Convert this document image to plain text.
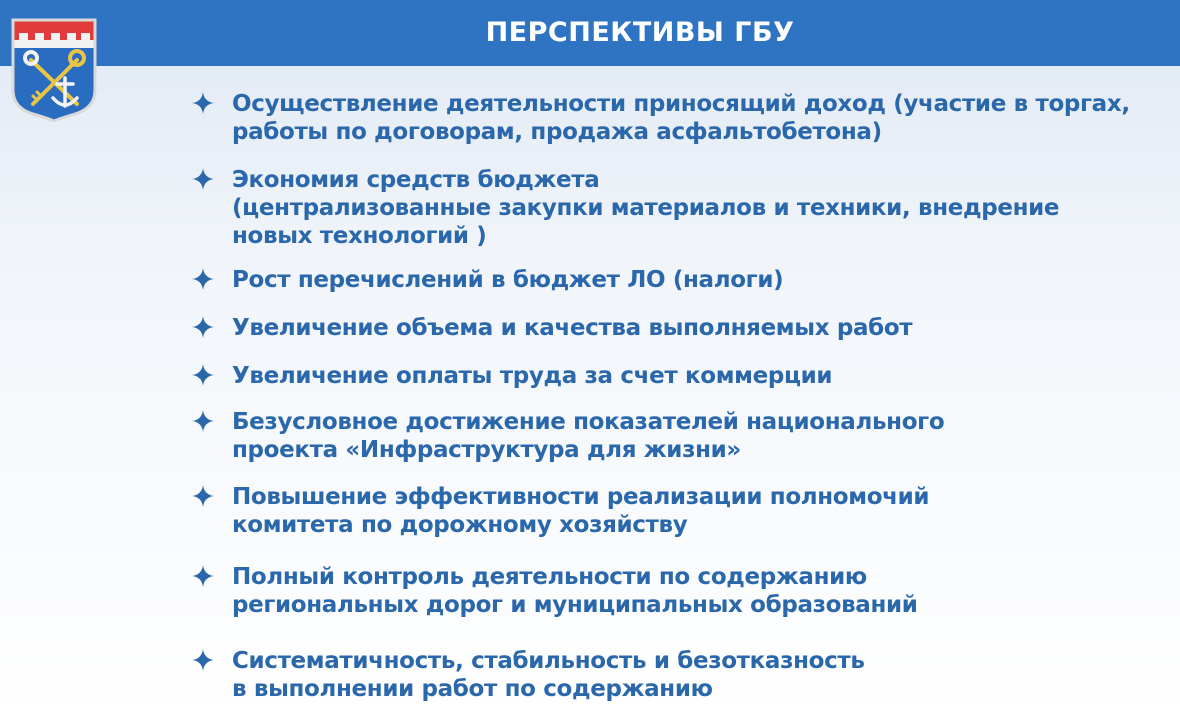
ПЕРСПЕКТИВЫ ГБУ
Осуществление деятельности приносящий доход (участие в торгах,
работы по договорам, продажа асфальтобетона)
Экономия средств бюджета
(централизованные закупки материалов и техники, внедрение
новых технологий )
Рост перечислений в бюджет ЛО (налоги)
Увеличение объема и качества выполняемых работ
Увеличение оплаты труда за счет коммерции
Безусловное достижение показателей национального
проекта «Инфраструктура для жизни»
Повышение эффективности реализации полномочий
комитета по дорожному хозяйству
Полный контроль деятельности по содержанию
региональных дорог и муниципальных образований
Систематичность, стабильность и безотказность
в выполнении работ по содержанию
